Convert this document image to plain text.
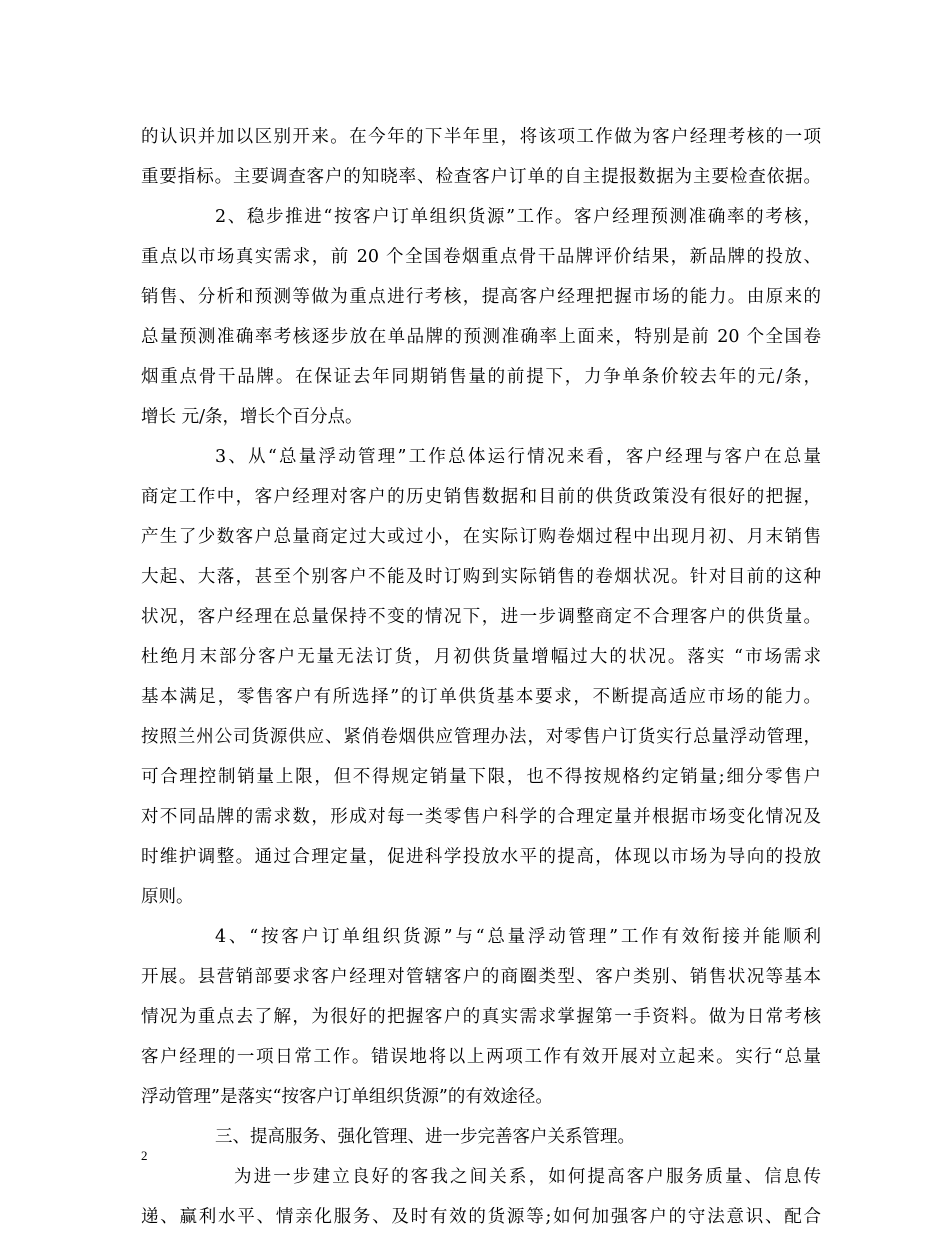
的认识并加以区别开来。在今年的下半年里，将该项工作做为客户经理考核的一项
重要指标。主要调查客户的知晓率、检查客户订单的自主提报数据为主要检查依据。
2、稳步推进“按客户订单组织货源”工作。客户经理预测准确率的考核，
重点以市场真实需求，前 20 个全国卷烟重点骨干品牌评价结果，新品牌的投放、
销售、分析和预测等做为重点进行考核，提高客户经理把握市场的能力。由原来的
总量预测准确率考核逐步放在单品牌的预测准确率上面来，特别是前 20 个全国卷
烟重点骨干品牌。在保证去年同期销售量的前提下，力争单条价较去年的元/条，
增长 元/条，增长个百分点。
3、从“总量浮动管理”工作总体运行情况来看，客户经理与客户在总量
商定工作中，客户经理对客户的历史销售数据和目前的供货政策没有很好的把握，
产生了少数客户总量商定过大或过小，在实际订购卷烟过程中出现月初、月末销售
大起、大落，甚至个别客户不能及时订购到实际销售的卷烟状况。针对目前的这种
状况，客户经理在总量保持不变的情况下，进一步调整商定不合理客户的供货量。
杜绝月末部分客户无量无法订货，月初供货量增幅过大的状况。落实 “市场需求
基本满足，零售客户有所选择”的订单供货基本要求，不断提高适应市场的能力。
按照兰州公司货源供应、紧俏卷烟供应管理办法，对零售户订货实行总量浮动管理，
可合理控制销量上限，但不得规定销量下限，也不得按规格约定销量;细分零售户
对不同品牌的需求数，形成对每一类零售户科学的合理定量并根据市场变化情况及
时维护调整。通过合理定量，促进科学投放水平的提高，体现以市场为导向的投放
原则。
4、“按客户订单组织货源”与“总量浮动管理”工作有效衔接并能顺利
开展。县营销部要求客户经理对管辖客户的商圈类型、客户类别、销售状况等基本
情况为重点去了解，为很好的把握客户的真实需求掌握第一手资料。做为日常考核
客户经理的一项日常工作。错误地将以上两项工作有效开展对立起来。实行“总量
浮动管理”是落实“按客户订单组织货源”的有效途径。
三、提高服务、强化管理、进一步完善客户关系管理。
为进一步建立良好的客我之间关系，如何提高客户服务质量、信息传
递、赢利水平、情亲化服务、及时有效的货源等;如何加强客户的守法意识、配合
2
